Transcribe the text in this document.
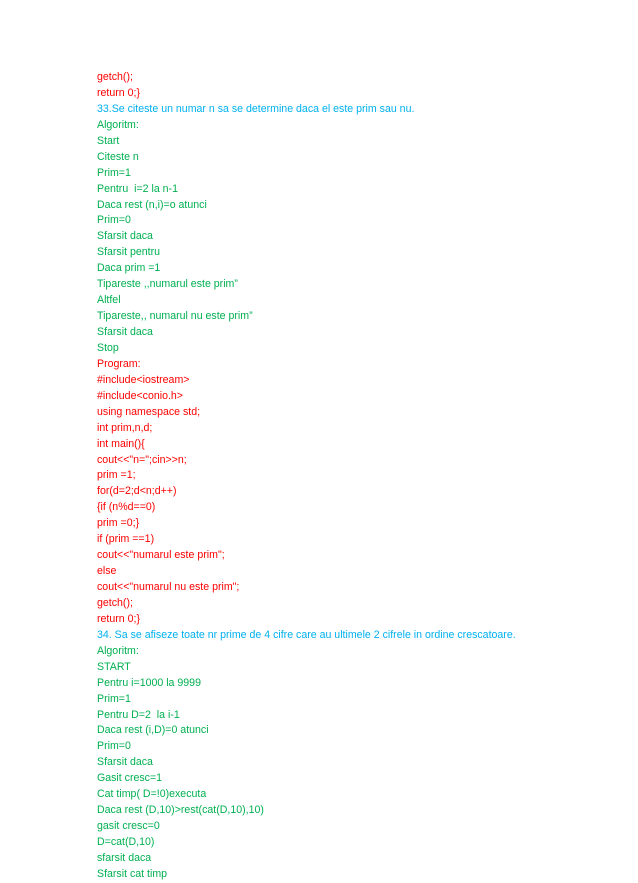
getch();
return 0;}
33.Se citeste un numar n sa se determine daca el este prim sau nu.
Algoritm:
Start
Citeste n
Prim=1
Pentru  i=2 la n-1
Daca rest (n,i)=o atunci
Prim=0
Sfarsit daca
Sfarsit pentru
Daca prim =1
Tipareste ,,numarul este prim”
Altfel
Tipareste,, numarul nu este prim”
Sfarsit daca
Stop
Program:
#include<iostream>
#include<conio.h>
using namespace std;
int prim,n,d;
int main(){
cout<<"n=";cin>>n;
prim =1;
for(d=2;d<n;d++)
{if (n%d==0)
prim =0;}
if (prim ==1)
cout<<"numarul este prim";
else
cout<<"numarul nu este prim";
getch();
return 0;}
34. Sa se afiseze toate nr prime de 4 cifre care au ultimele 2 cifrele in ordine crescatoare.
Algoritm:
START
Pentru i=1000 la 9999
Prim=1
Pentru D=2  la i-1
Daca rest (i,D)=0 atunci
Prim=0
Sfarsit daca
Gasit cresc=1
Cat timp( D=!0)executa
Daca rest (D,10)>rest(cat(D,10),10)
gasit cresc=0
D=cat(D,10)
sfarsit daca
Sfarsit cat timp
